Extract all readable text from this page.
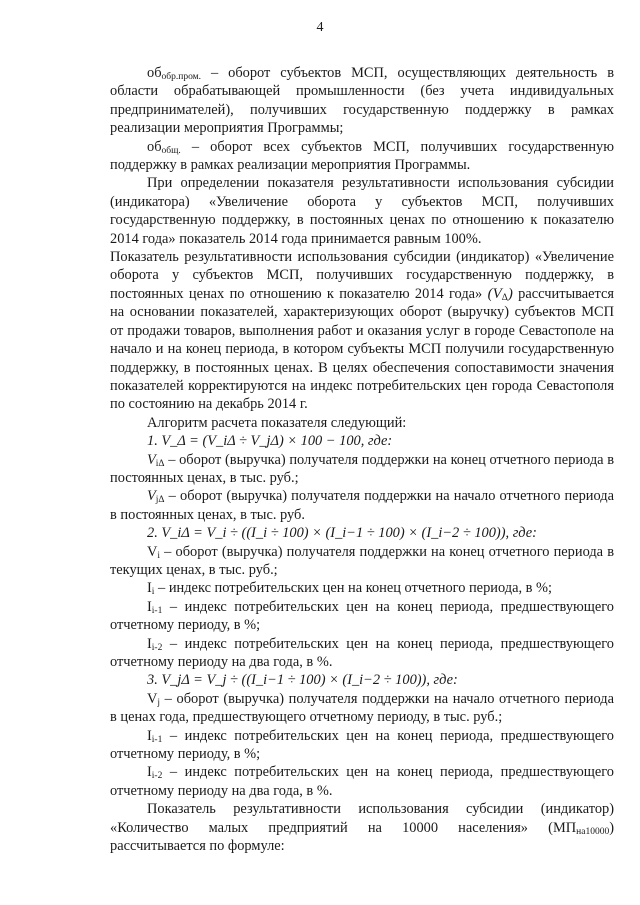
4

$об_{обр.пром.}$ – оборот субъектов МСП, осуществляющих деятельность в области обрабатывающей промышленности (без учета индивидуальных предпринимателей), получивших государственную поддержку в рамках реализации мероприятия Программы;

$об_{общ.}$ – оборот всех субъектов МСП, получивших государственную поддержку в рамках реализации мероприятия Программы.

При определении показателя результативности использования субсидии (индикатора) «Увеличение оборота у субъектов МСП, получивших государственную поддержку, в постоянных ценах по отношению к показателю 2014 года» показатель 2014 года принимается равным 100%.

Показатель результативности использования субсидии (индикатор) «Увеличение оборота у субъектов МСП, получивших государственную поддержку, в постоянных ценах по отношению к показателю 2014 года» $(V_\Delta)$ рассчитывается на основании показателей, характеризующих оборот (выручку) субъектов МСП от продажи товаров, выполнения работ и оказания услуг в городе Севастополе на начало и на конец периода, в котором субъекты МСП получили государственную поддержку, в постоянных ценах. В целях обеспечения сопоставимости значения показателей корректируются на индекс потребительских цен города Севастополя по состоянию на декабрь 2014 г.

Алгоритм расчета показателя следующий:

1. V_Δ = (V_iΔ ÷ V_jΔ) × 100 − 100, где:

$V_{i\Delta}$ – оборот (выручка) получателя поддержки на конец отчетного периода в постоянных ценах, в тыс. руб.;

$V_{j\Delta}$ – оборот (выручка) получателя поддержки на начало отчетного периода в постоянных ценах, в тыс. руб.

2. V_iΔ = V_i ÷ ((I_i ÷ 100) × (I_i−1 ÷ 100) × (I_i−2 ÷ 100)), где:

$V_i$ – оборот (выручка) получателя поддержки на конец отчетного периода в текущих ценах, в тыс. руб.;

$I_i$ – индекс потребительских цен на конец отчетного периода, в %;

$I_{i-1}$ – индекс потребительских цен на конец периода, предшествующего отчетному периоду, в %;

$I_{i-2}$ – индекс потребительских цен на конец периода, предшествующего отчетному периоду на два года, в %.

3. V_jΔ = V_j ÷ ((I_i−1 ÷ 100) × (I_i−2 ÷ 100)), где:

$V_j$ – оборот (выручка) получателя поддержки на начало отчетного периода в ценах года, предшествующего отчетному периоду, в тыс. руб.;

$I_{i-1}$ – индекс потребительских цен на конец периода, предшествующего отчетному периоду, в %;

$I_{i-2}$ – индекс потребительских цен на конец периода, предшествующего отчетному периоду на два года, в %.

Показатель результативности использования субсидии (индикатор) «Количество малых предприятий на 10000 населения» $(МП_{на10000})$ рассчитывается по формуле:
